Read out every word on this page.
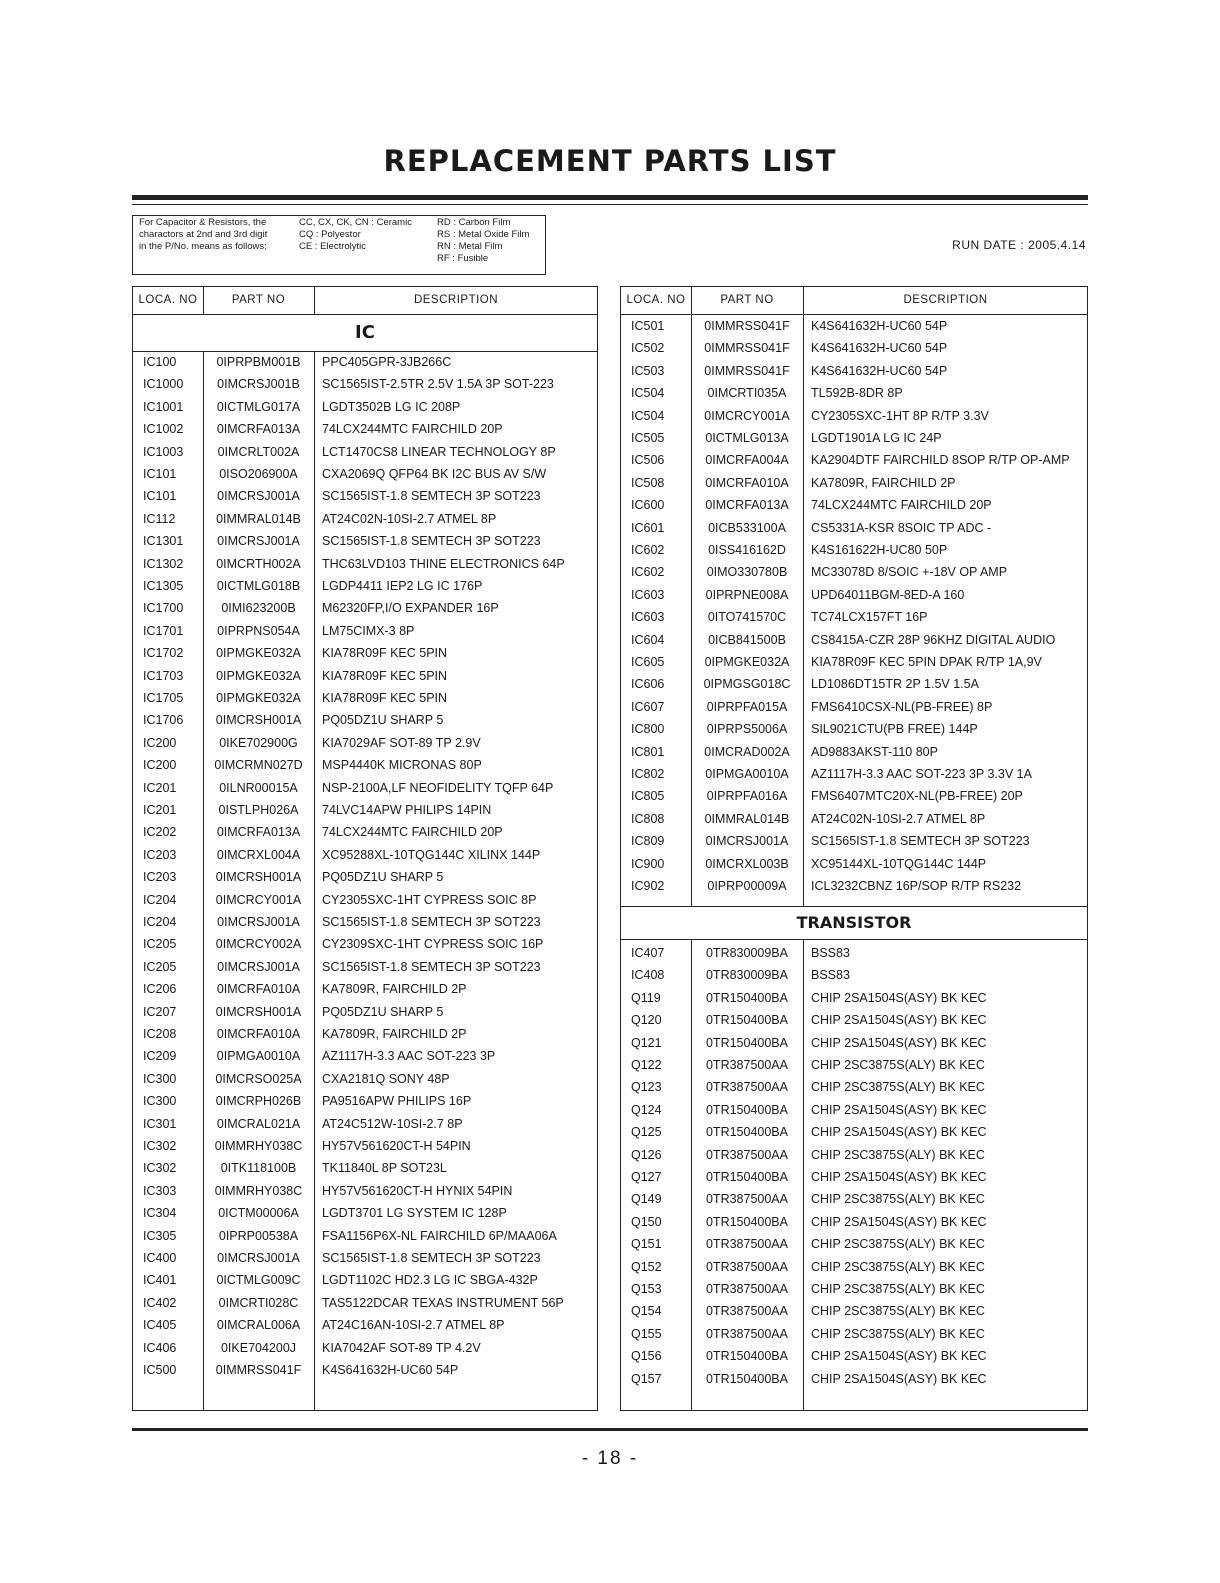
REPLACEMENT PARTS LIST
For Capacitor & Resistors, the
charactors at 2nd and 3rd digit
in the P/No. means as follows;
CC, CX, CK, CN : Ceramic
CQ : Polyestor
CE : Electrolytic
RD : Carbon Film
RS : Metal Oxide Film
RN : Metal Film
RF : Fusible
RUN DATE : 2005.4.14
LOCA. NO	PART NO	DESCRIPTION
IC
IC100	0IPRPBM001B	PPC405GPR-3JB266C
IC1000	0IMCRSJ001B	SC1565IST-2.5TR 2.5V 1.5A 3P SOT-223
IC1001	0ICTMLG017A	LGDT3502B LG IC 208P
IC1002	0IMCRFA013A	74LCX244MTC FAIRCHILD 20P
IC1003	0IMCRLT002A	LCT1470CS8 LINEAR TECHNOLOGY 8P
IC101	0ISO206900A	CXA2069Q QFP64 BK I2C BUS AV S/W
IC101	0IMCRSJ001A	SC1565IST-1.8 SEMTECH 3P SOT223
IC112	0IMMRAL014B	AT24C02N-10SI-2.7 ATMEL 8P
IC1301	0IMCRSJ001A	SC1565IST-1.8 SEMTECH 3P SOT223
IC1302	0IMCRTH002A	THC63LVD103 THINE ELECTRONICS 64P
IC1305	0ICTMLG018B	LGDP4411 IEP2 LG IC 176P
IC1700	0IMI623200B	M62320FP,I/O EXPANDER 16P
IC1701	0IPRPNS054A	LM75CIMX-3 8P
IC1702	0IPMGKE032A	KIA78R09F KEC 5PIN
IC1703	0IPMGKE032A	KIA78R09F KEC 5PIN
IC1705	0IPMGKE032A	KIA78R09F KEC 5PIN
IC1706	0IMCRSH001A	PQ05DZ1U SHARP 5
IC200	0IKE702900G	KIA7029AF SOT-89 TP 2.9V
IC200	0IMCRMN027D	MSP4440K MICRONAS 80P
IC201	0ILNR00015A	NSP-2100A,LF NEOFIDELITY TQFP 64P
IC201	0ISTLPH026A	74LVC14APW PHILIPS 14PIN
IC202	0IMCRFA013A	74LCX244MTC FAIRCHILD 20P
IC203	0IMCRXL004A	XC95288XL-10TQG144C XILINX 144P
IC203	0IMCRSH001A	PQ05DZ1U SHARP 5
IC204	0IMCRCY001A	CY2305SXC-1HT CYPRESS SOIC 8P
IC204	0IMCRSJ001A	SC1565IST-1.8 SEMTECH 3P SOT223
IC205	0IMCRCY002A	CY2309SXC-1HT CYPRESS SOIC 16P
IC205	0IMCRSJ001A	SC1565IST-1.8 SEMTECH 3P SOT223
IC206	0IMCRFA010A	KA7809R, FAIRCHILD 2P
IC207	0IMCRSH001A	PQ05DZ1U SHARP 5
IC208	0IMCRFA010A	KA7809R, FAIRCHILD 2P
IC209	0IPMGA0010A	AZ1117H-3.3 AAC SOT-223 3P
IC300	0IMCRSO025A	CXA2181Q SONY 48P
IC300	0IMCRPH026B	PA9516APW PHILIPS 16P
IC301	0IMCRAL021A	AT24C512W-10SI-2.7 8P
IC302	0IMMRHY038C	HY57V561620CT-H 54PIN
IC302	0ITK118100B	TK11840L 8P SOT23L
IC303	0IMMRHY038C	HY57V561620CT-H HYNIX 54PIN
IC304	0ICTM00006A	LGDT3701 LG SYSTEM IC 128P
IC305	0IPRP00538A	FSA1156P6X-NL FAIRCHILD 6P/MAA06A
IC400	0IMCRSJ001A	SC1565IST-1.8 SEMTECH 3P SOT223
IC401	0ICTMLG009C	LGDT1102C HD2.3 LG IC SBGA-432P
IC402	0IMCRTI028C	TAS5122DCAR TEXAS INSTRUMENT 56P
IC405	0IMCRAL006A	AT24C16AN-10SI-2.7 ATMEL 8P
IC406	0IKE704200J	KIA7042AF SOT-89 TP 4.2V
IC500	0IMMRSS041F	K4S641632H-UC60 54P
LOCA. NO	PART NO	DESCRIPTION
IC501	0IMMRSS041F	K4S641632H-UC60 54P
IC502	0IMMRSS041F	K4S641632H-UC60 54P
IC503	0IMMRSS041F	K4S641632H-UC60 54P
IC504	0IMCRTI035A	TL592B-8DR 8P
IC504	0IMCRCY001A	CY2305SXC-1HT 8P R/TP 3.3V
IC505	0ICTMLG013A	LGDT1901A LG IC 24P
IC506	0IMCRFA004A	KA2904DTF FAIRCHILD 8SOP R/TP OP-AMP
IC508	0IMCRFA010A	KA7809R, FAIRCHILD 2P
IC600	0IMCRFA013A	74LCX244MTC FAIRCHILD 20P
IC601	0ICB533100A	CS5331A-KSR 8SOIC TP ADC -
IC602	0ISS416162D	K4S161622H-UC80 50P
IC602	0IMO330780B	MC33078D 8/SOIC +-18V OP AMP
IC603	0IPRPNE008A	UPD64011BGM-8ED-A 160
IC603	0ITO741570C	TC74LCX157FT 16P
IC604	0ICB841500B	CS8415A-CZR 28P 96KHZ DIGITAL AUDIO
IC605	0IPMGKE032A	KIA78R09F KEC 5PIN DPAK R/TP 1A,9V
IC606	0IPMGSG018C	LD1086DT15TR 2P 1.5V 1.5A
IC607	0IPRPFA015A	FMS6410CSX-NL(PB-FREE) 8P
IC800	0IPRPS5006A	SIL9021CTU(PB FREE) 144P
IC801	0IMCRAD002A	AD9883AKST-110 80P
IC802	0IPMGA0010A	AZ1117H-3.3 AAC SOT-223 3P 3.3V 1A
IC805	0IPRPFA016A	FMS6407MTC20X-NL(PB-FREE) 20P
IC808	0IMMRAL014B	AT24C02N-10SI-2.7 ATMEL 8P
IC809	0IMCRSJ001A	SC1565IST-1.8 SEMTECH 3P SOT223
IC900	0IMCRXL003B	XC95144XL-10TQG144C 144P
IC902	0IPRP00009A	ICL3232CBNZ 16P/SOP R/TP RS232
TRANSISTOR
IC407	0TR830009BA	BSS83
IC408	0TR830009BA	BSS83
Q119	0TR150400BA	CHIP 2SA1504S(ASY) BK KEC
Q120	0TR150400BA	CHIP 2SA1504S(ASY) BK KEC
Q121	0TR150400BA	CHIP 2SA1504S(ASY) BK KEC
Q122	0TR387500AA	CHIP 2SC3875S(ALY) BK KEC
Q123	0TR387500AA	CHIP 2SC3875S(ALY) BK KEC
Q124	0TR150400BA	CHIP 2SA1504S(ASY) BK KEC
Q125	0TR150400BA	CHIP 2SA1504S(ASY) BK KEC
Q126	0TR387500AA	CHIP 2SC3875S(ALY) BK KEC
Q127	0TR150400BA	CHIP 2SA1504S(ASY) BK KEC
Q149	0TR387500AA	CHIP 2SC3875S(ALY) BK KEC
Q150	0TR150400BA	CHIP 2SA1504S(ASY) BK KEC
Q151	0TR387500AA	CHIP 2SC3875S(ALY) BK KEC
Q152	0TR387500AA	CHIP 2SC3875S(ALY) BK KEC
Q153	0TR387500AA	CHIP 2SC3875S(ALY) BK KEC
Q154	0TR387500AA	CHIP 2SC3875S(ALY) BK KEC
Q155	0TR387500AA	CHIP 2SC3875S(ALY) BK KEC
Q156	0TR150400BA	CHIP 2SA1504S(ASY) BK KEC
Q157	0TR150400BA	CHIP 2SA1504S(ASY) BK KEC
- 18 -
